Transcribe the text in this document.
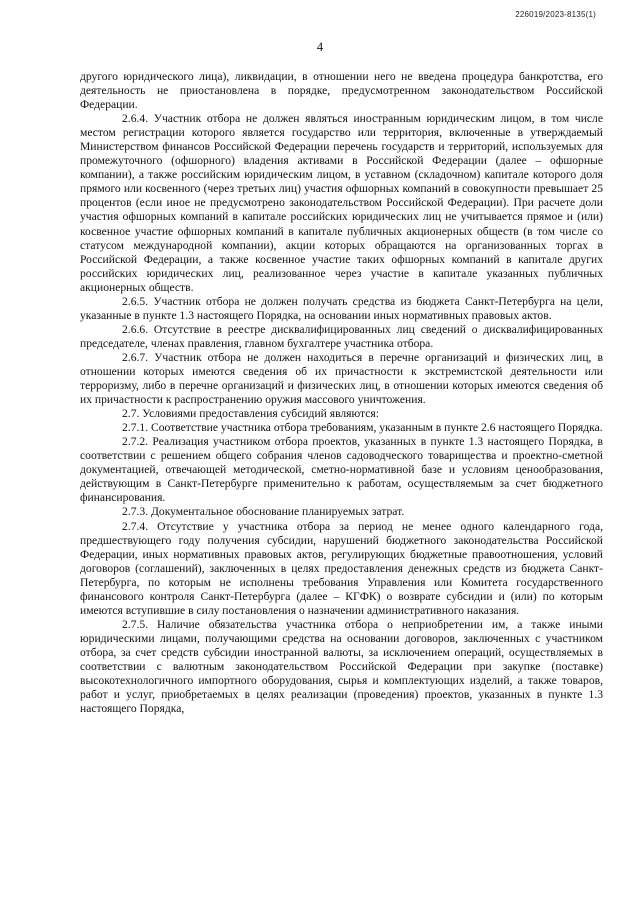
226019/2023-8135(1)
4

другого юридического лица), ликвидации, в отношении него не введена процедура банкротства, его деятельность не приостановлена в порядке, предусмотренном законодательством Российской Федерации.

2.6.4. Участник отбора не должен являться иностранным юридическим лицом, в том числе местом регистрации которого является государство или территория, включенные в утверждаемый Министерством финансов Российской Федерации перечень государств и территорий, используемых для промежуточного (офшорного) владения активами в Российской Федерации (далее – офшорные компании), а также российским юридическим лицом, в уставном (складочном) капитале которого доля прямого или косвенного (через третьих лиц) участия офшорных компаний в совокупности превышает 25 процентов (если иное не предусмотрено законодательством Российской Федерации). При расчете доли участия офшорных компаний в капитале российских юридических лиц не учитывается прямое и (или) косвенное участие офшорных компаний в капитале публичных акционерных обществ (в том числе со статусом международной компании), акции которых обращаются на организованных торгах в Российской Федерации, а также косвенное участие таких офшорных компаний в капитале других российских юридических лиц, реализованное через участие в капитале указанных публичных акционерных обществ.

2.6.5. Участник отбора не должен получать средства из бюджета Санкт-Петербурга на цели, указанные в пункте 1.3 настоящего Порядка, на основании иных нормативных правовых актов.

2.6.6. Отсутствие в реестре дисквалифицированных лиц сведений о дисквалифицированных председателе, членах правления, главном бухгалтере участника отбора.

2.6.7. Участник отбора не должен находиться в перечне организаций и физических лиц, в отношении которых имеются сведения об их причастности к экстремистской деятельности или терроризму, либо в перечне организаций и физических лиц, в отношении которых имеются сведения об их причастности к распространению оружия массового уничтожения.

2.7. Условиями предоставления субсидий являются:

2.7.1. Соответствие участника отбора требованиям, указанным в пункте 2.6 настоящего Порядка.

2.7.2. Реализация участником отбора проектов, указанных в пункте 1.3 настоящего Порядка, в соответствии с решением общего собрания членов садоводческого товарищества и проектно-сметной документацией, отвечающей методической, сметно-нормативной базе и условиям ценообразования, действующим в Санкт-Петербурге применительно к работам, осуществляемым за счет бюджетного финансирования.

2.7.3. Документальное обоснование планируемых затрат.

2.7.4. Отсутствие у участника отбора за период не менее одного календарного года, предшествующего году получения субсидии, нарушений бюджетного законодательства Российской Федерации, иных нормативных правовых актов, регулирующих бюджетные правоотношения, условий договоров (соглашений), заключенных в целях предоставления денежных средств из бюджета Санкт-Петербурга, по которым не исполнены требования Управления или Комитета государственного финансового контроля Санкт-Петербурга (далее – КГФК) о возврате субсидии и (или) по которым имеются вступившие в силу постановления о назначении административного наказания.

2.7.5. Наличие обязательства участника отбора о неприобретении им, а также иными юридическими лицами, получающими средства на основании договоров, заключенных с участником отбора, за счет средств субсидии иностранной валюты, за исключением операций, осуществляемых в соответствии с валютным законодательством Российской Федерации при закупке (поставке) высокотехнологичного импортного оборудования, сырья и комплектующих изделий, а также товаров, работ и услуг, приобретаемых в целях реализации (проведения) проектов, указанных в пункте 1.3 настоящего Порядка,
